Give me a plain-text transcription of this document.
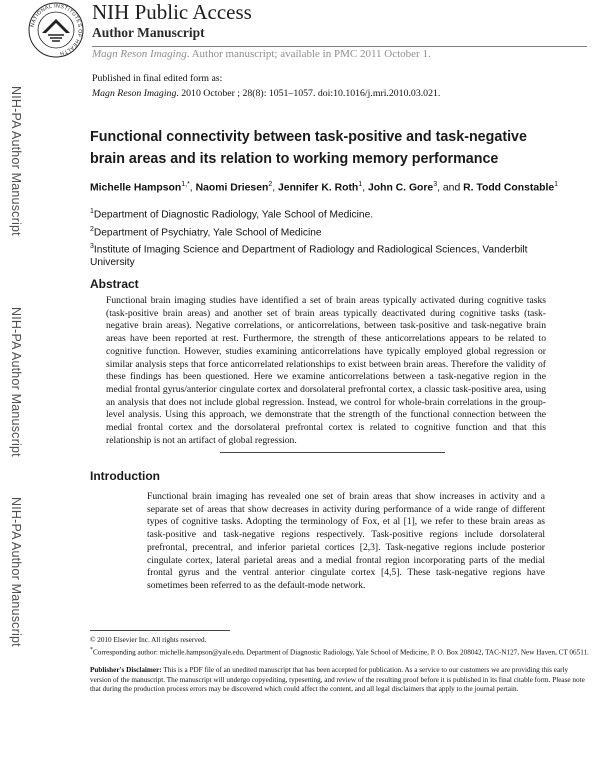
NATIONAL INSTITUTES OF HEALTH
NIH Public Access
Author Manuscript
Magn Reson Imaging. Author manuscript; available in PMC 2011 October 1.
NIH-PA Author Manuscript
NIH-PA Author Manuscript
NIH-PA Author Manuscript
Published in final edited form as:
Magn Reson Imaging. 2010 October ; 28(8): 1051–1057. doi:10.1016/j.mri.2010.03.021.
Functional connectivity between task-positive and task-negative brain areas and its relation to working memory performance
Michelle Hampson$^{1,*}$, Naomi Driesen$^2$, Jennifer K. Roth$^1$, John C. Gore$^3$, and R. Todd Constable$^1$
$^1$Department of Diagnostic Radiology, Yale School of Medicine.
$^2$Department of Psychiatry, Yale School of Medicine
$^3$Institute of Imaging Science and Department of Radiology and Radiological Sciences, Vanderbilt University
Abstract
Functional brain imaging studies have identified a set of brain areas typically activated during cognitive tasks (task-positive brain areas) and another set of brain areas typically deactivated during cognitive tasks (task-negative brain areas). Negative correlations, or anticorrelations, between task-positive and task-negative brain areas have been reported at rest. Furthermore, the strength of these anticorrelations appears to be related to cognitive function. However, studies examining anticorrelations have typically employed global regression or similar analysis steps that force anticorrelated relationships to exist between brain areas. Therefore the validity of these findings has been questioned. Here we examine anticorrelations between a task-negative region in the medial frontal gyrus/anterior cingulate cortex and dorsolateral prefrontal cortex, a classic task-positive area, using an analysis that does not include global regression. Instead, we control for whole-brain correlations in the group-level analysis. Using this approach, we demonstrate that the strength of the functional connection between the medial frontal cortex and the dorsolateral prefrontal cortex is related to cognitive function and that this relationship is not an artifact of global regression.
Introduction
Functional brain imaging has revealed one set of brain areas that show increases in activity and a separate set of areas that show decreases in activity during performance of a wide range of different types of cognitive tasks. Adopting the terminology of Fox, et al [1], we refer to these brain areas as task-positive and task-negative regions respectively. Task-positive regions include dorsolateral prefrontal, precentral, and inferior parietal cortices [2,3]. Task-negative regions include posterior cingulate cortex, lateral parietal areas and a medial frontal region incorporating parts of the medial frontal gyrus and the ventral anterior cingulate cortex [4,5]. These task-negative regions have sometimes been referred to as the default-mode network.
© 2010 Elsevier Inc. All rights reserved.
*Corresponding author: michelle.hampson@yale.edu, Department of Diagnostic Radiology, Yale School of Medicine, P. O. Box 208042, TAC-N127, New Haven, CT 06511.
Publisher's Disclaimer: This is a PDF file of an unedited manuscript that has been accepted for publication. As a service to our customers we are providing this early version of the manuscript. The manuscript will undergo copyediting, typesetting, and review of the resulting proof before it is published in its final citable form. Please note that during the production process errors may be discovered which could affect the content, and all legal disclaimers that apply to the journal pertain.
